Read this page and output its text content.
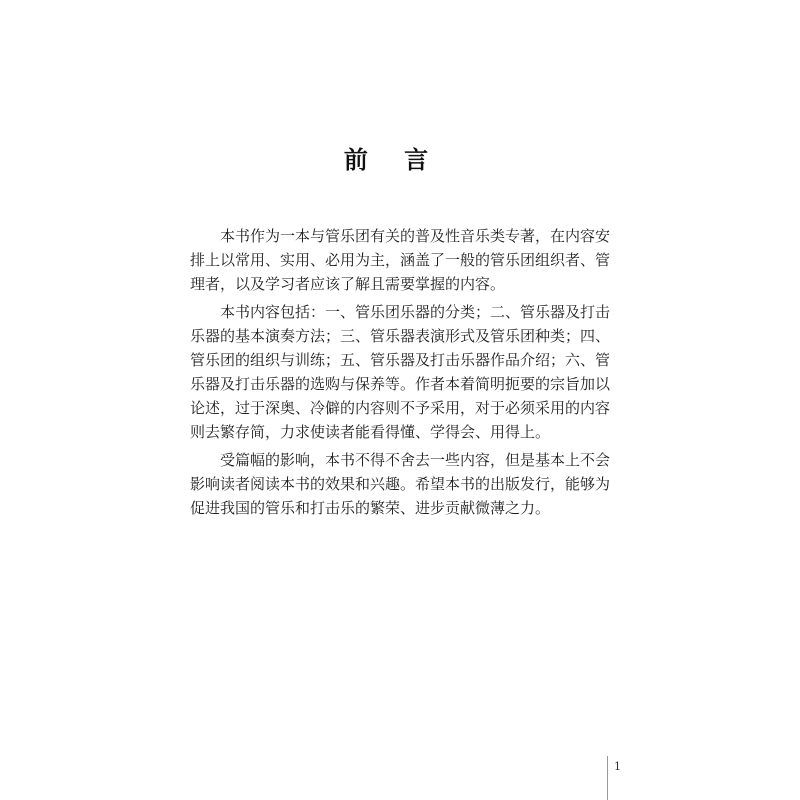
前 言

本书作为一本与管乐团有关的普及性音乐类专著，在内容安排上以常用、实用、必用为主，涵盖了一般的管乐团组织者、管理者，以及学习者应该了解且需要掌握的内容。

本书内容包括：一、管乐团乐器的分类；二、管乐器及打击乐器的基本演奏方法；三、管乐器表演形式及管乐团种类；四、管乐团的组织与训练；五、管乐器及打击乐器作品介绍；六、管乐器及打击乐器的选购与保养等。作者本着简明扼要的宗旨加以论述，过于深奥、冷僻的内容则不予采用，对于必须采用的内容则去繁存简，力求使读者能看得懂、学得会、用得上。

受篇幅的影响，本书不得不舍去一些内容，但是基本上不会影响读者阅读本书的效果和兴趣。希望本书的出版发行，能够为促进我国的管乐和打击乐的繁荣、进步贡献微薄之力。

1
